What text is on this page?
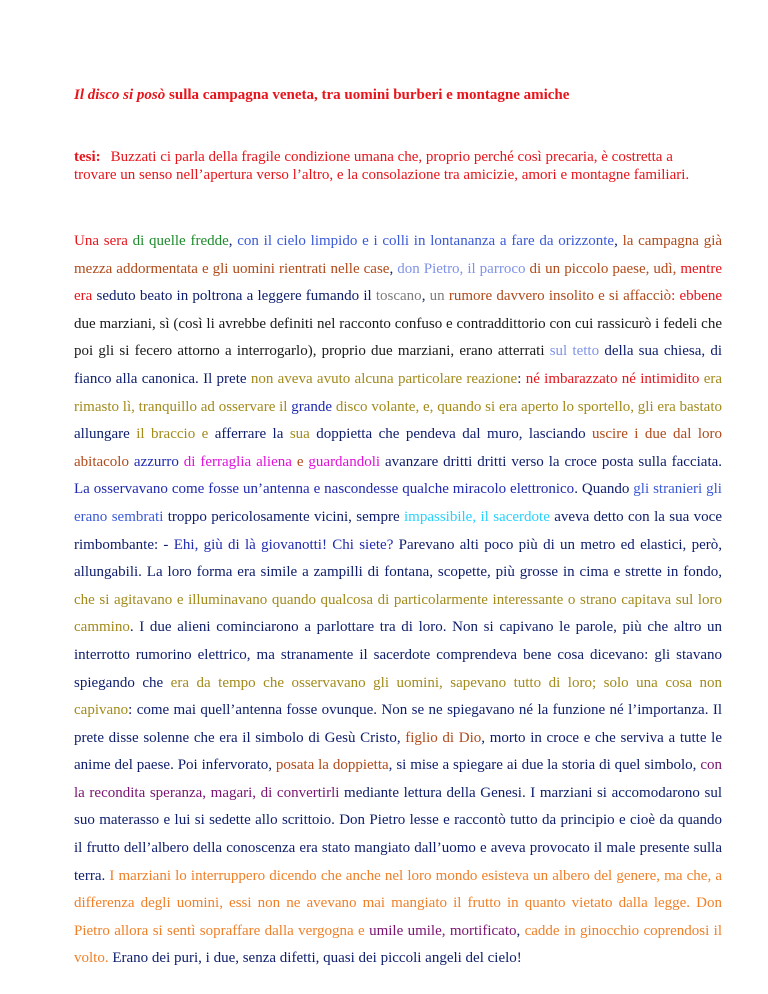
Il disco si posò sulla campagna veneta, tra uomini burberi e montagne amiche
tesi: Buzzati ci parla della fragile condizione umana che, proprio perché così precaria, è costretta a trovare un senso nell’apertura verso l’altro, e la consolazione tra amicizie, amori e montagne familiari.
Una sera di quelle fredde, con il cielo limpido e i colli in lontananza a fare da orizzonte, la campagna già mezza addormentata e gli uomini rientrati nelle case, don Pietro, il parroco di un piccolo paese, udì, mentre era seduto beato in poltrona a leggere fumando il toscano, un rumore davvero insolito e si affacciò: ebbene due marziani, sì (così li avrebbe definiti nel racconto confuso e contraddittorio con cui rassicurò i fedeli che poi gli si fecero attorno a interrogarlo), proprio due marziani, erano atterrati sul tetto della sua chiesa, di fianco alla canonica. Il prete non aveva avuto alcuna particolare reazione: né imbarazzato né intimidito era rimasto lì, tranquillo ad osservare il grande disco volante, e, quando si era aperto lo sportello, gli era bastato allungare il braccio e afferrare la sua doppietta che pendeva dal muro, lasciando uscire i due dal loro abitacolo azzurro di ferraglia aliena e guardandoli avanzare dritti dritti verso la croce posta sulla facciata. La osservavano come fosse un’antenna e nascondesse qualche miracolo elettronico. Quando gli stranieri gli erano sembrati troppo pericolosamente vicini, sempre impassibile, il sacerdote aveva detto con la sua voce rimbombante: - Ehi, giù di là giovanotti! Chi siete? Parevano alti poco più di un metro ed elastici, però, allungabili. La loro forma era simile a zampilli di fontana, scopette, più grosse in cima e strette in fondo, che si agitavano e illuminavano quando qualcosa di particolarmente interessante o strano capitava sul loro cammino. I due alieni cominciarono a parlottare tra di loro. Non si capivano le parole, più che altro un interrotto rumorino elettrico, ma stranamente il sacerdote comprendeva bene cosa dicevano: gli stavano spiegando che era da tempo che osservavano gli uomini, sapevano tutto di loro; solo una cosa non capivano: come mai quell’antenna fosse ovunque. Non se ne spiegavano né la funzione né l’importanza. Il prete disse solenne che era il simbolo di Gesù Cristo, figlio di Dio, morto in croce e che serviva a tutte le anime del paese. Poi infervorato, posata la doppietta, si mise a spiegare ai due la storia di quel simbolo, con la recondita speranza, magari, di convertirli mediante lettura della Genesi. I marziani si accomodarono sul suo materasso e lui si sedette allo scrittoio. Don Pietro lesse e raccontò tutto da principio e cioè da quando il frutto dell’albero della conoscenza era stato mangiato dall’uomo e aveva provocato il male presente sulla terra. I marziani lo interruppero dicendo che anche nel loro mondo esisteva un albero del genere, ma che, a differenza degli uomini, essi non ne avevano mai mangiato il frutto in quanto vietato dalla legge. Don Pietro allora si sentì sopraffare dalla vergogna e umile umile, mortificato, cadde in ginocchio coprendosi il volto. Erano dei puri, i due, senza difetti, quasi dei piccoli angeli del cielo!
